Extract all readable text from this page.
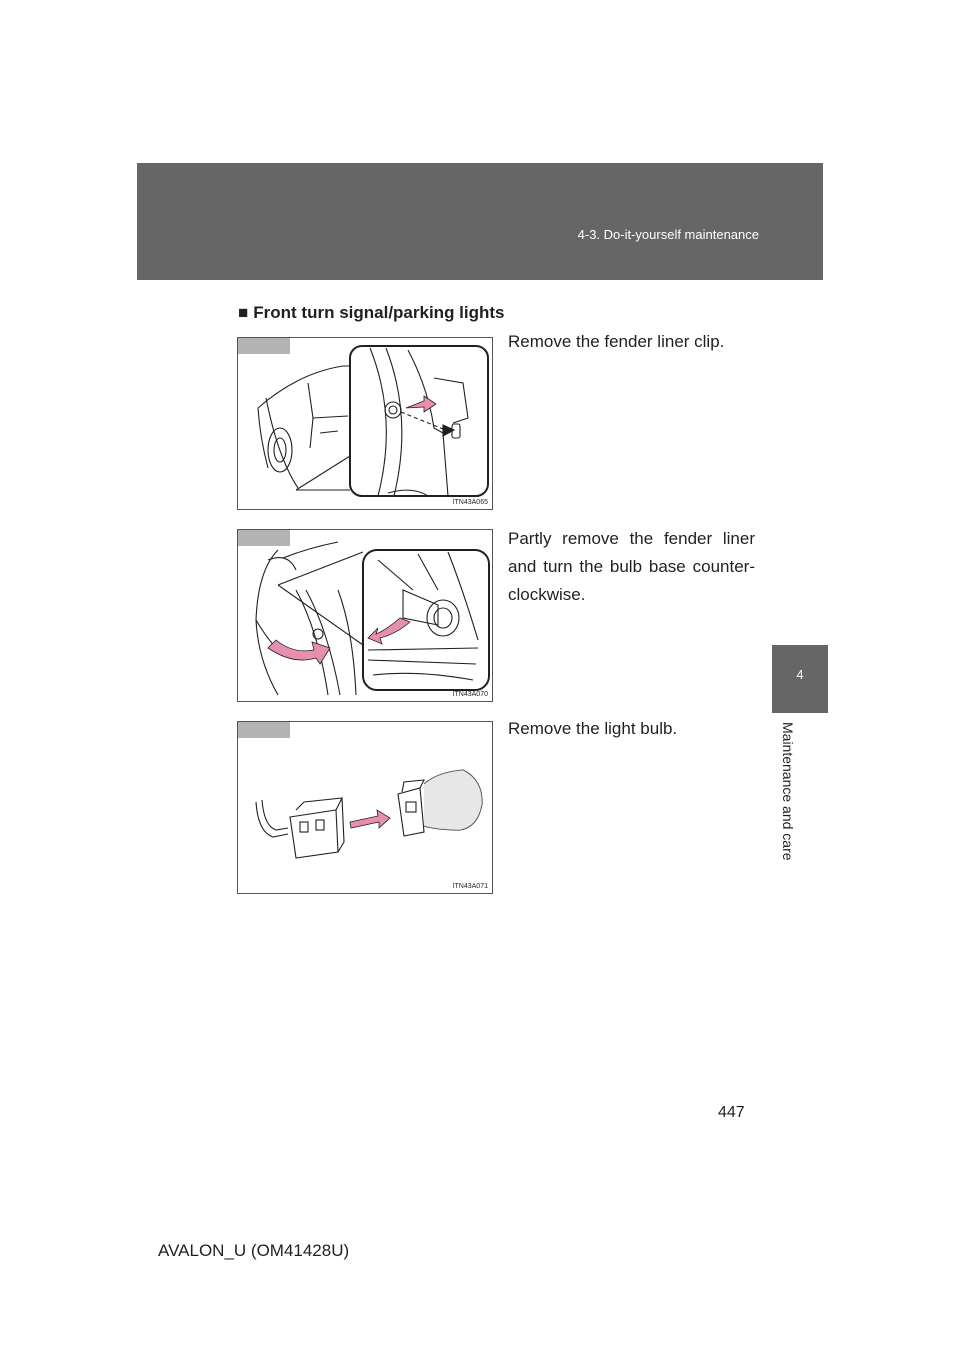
4-3. Do-it-yourself maintenance

4
Maintenance and care
■ Front turn signal/parking lights
ITN43A065

Remove the fender liner clip.

ITN43A070

Partly remove the fender liner and turn the bulb base counter-clockwise.

ITN43A071

Remove the light bulb.

447
AVALON_U (OM41428U)
